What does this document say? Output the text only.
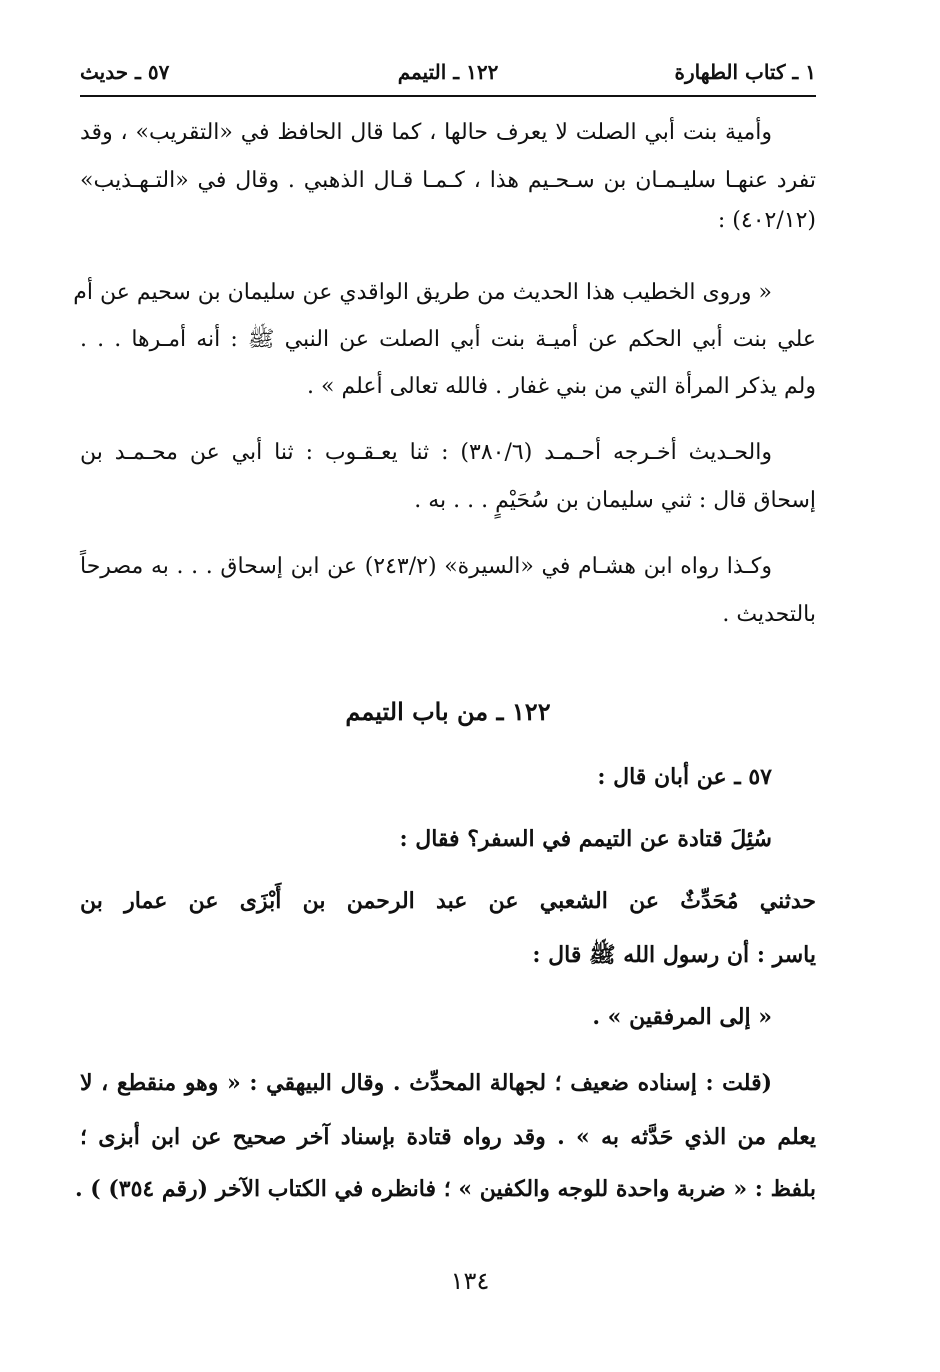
١ ـ كتاب الطهارة
١٢٢ ـ التيمم
٥٧ ـ حديث
وأمية بنت أبي الصلت لا يعرف حالها ، كما قال الحافظ في «التقريب» ، وقد
تفرد عنهـا سليـمـان بن سـحـيم هذا ، كـمـا قـال الذهبي . وقال في «التـهـذيب»
(٤٠٢/١٢) :
« وروى الخطيب هذا الحديث من طريق الواقدي عن سليمان بن سحيم عن أم
علي بنت أبي الحكم عن أميـة بنت أبي الصلت عن النبي ﷺ : أنه أمـرها . . .
ولم يذكر المرأة التي من بني غفار . فالله تعالى أعلم » .
والحـديث أخـرجه أحـمـد (٣٨٠/٦) : ثنا يعـقـوب : ثنا أبي عن محـمـد بن
إسحاق قال : ثني سليمان بن سُحَيْمٍ . . . به .
وكـذا رواه ابن هشـام في «السيرة» (٢٤٣/٢) عن ابن إسحاق . . . به مصرحاً
بالتحديث .
١٢٢ ـ من باب التيمم
٥٧ ـ عن أبان قال :
سُئِلَ قتادة عن التيمم في السفر؟ فقال :
حدثني مُحَدِّثٌ عن الشعبي عن عبد الرحمن بن أَبْزَى عن عمار بن
ياسر : أن رسول الله ﷺ قال :
« إلى المرفقين » .
(قلت : إسناده ضعيف ؛ لجهالة المحدِّث . وقال البيهقي : « وهو منقطع ، لا
يعلم من الذي حَدَّثه به » . وقد رواه قتادة بإسناد آخر صحيح عن ابن أبزى ؛
بلفظ : « ضربة واحدة للوجه والكفين » ؛ فانظره في الكتاب الآخر (رقم ٣٥٤) ) .
١٣٤
